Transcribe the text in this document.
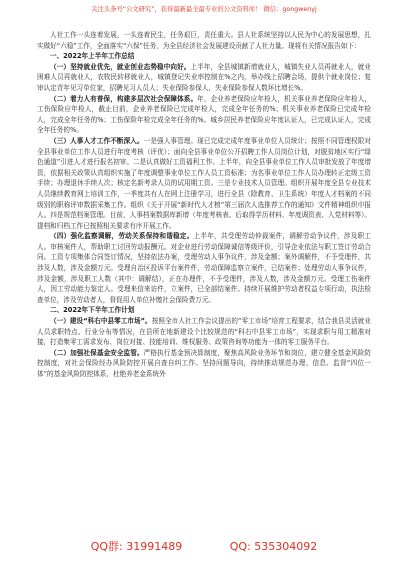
关注头条号“公文研究”，获得最新最全最专业的公文资料库！ 微信：gongwenyj

人社工作一头连着发展，一头连着民生，任务艰巨，责任重大。县人社系统坚持以人民为中心的发展思想，扎实做好“六稳”工作，全面落实“六保”任务，为全县经济社会发展建设贡献了人社力量。现将有关情况报告如下：

一、2022年上半年工作总结

（一）坚持就业优先，就业创业态势稳中向好。上半年，全县城镇新增就业人，城镇失业人员再就业人，就业困难人员再就业人，农牧民转移就业人，城镇登记失业率控制在%之内，举办线上招聘会场，提供个就业岗位；复审认定青年见习单位家，招聘见习人员人；失业保险参保人，失业保险参保人数环比增长%。

（二）着力人有普保，构建多层次社会保障体系。年，企业养老保险应年检人，机关事业养老保险应年检人，工伤保险应年检人，截止目前，企业养老保险已完成年检人，完成全年任务的%；机关事业养老保险已完成年检人，完成全年任务的%；工伤保险年检完成全年任务的%。城乡居民养老保险应年度认证人，已完成认证人，完成全年任务的%。

（三）人事人才工作不断深入。一是强人事管理。现已完成完成年度事业单位人员统计；按照不同管理权限对全县事业单位工作人员进行年度考核（评优）；面向全县事业单位公开招聘工作人员岗位计划，对脱贫地区实行“绿色通道”引进人才进行报名初审。二是认真做好工资福利工作。上半年，向全县事业单位工作人员审批发放了年度增资，依据相关政策认真组织实施了年度调整事业单位工作人员工资标准；为名事业单位工作人员办理转正定级工资手续；办理退休手续人次；核定名新考录人员的试用期工资。三是专业技术人员管理。组织开展年度全县专业技术人员继续教育网上培训工作，一季度共有人在网上注册学习，进行全县（除教育、卫生系统）年度人才档案的不同级别的职称评审数据采集工作。组织《关于开展“新时代人才榜”第三届次人选推荐工作的通知》文件精神组织申报人。四是规范档案管理。目前，人事档案数据库新增（年度考核表、后取得学历材料、年度调资表、入党材料等）。提档和归档工作已按照相关要求有序开展工作。

（四）强化监察调解，劳动关系保持和谐稳定。上半年，共受理劳动仲裁案件，调解劳动争议件，涉及职工人。审核案件人，帮助职工讨回劳动报酬元。对企业进行劳动保障诚信等级评价，引导企业依法与职工签订劳动合同。工资专项集体合同签订情况，坚持依法办案，受理劳动人事争议件，涉及金额；案外调解件，不予受理件，共涉及人数，涉及金额万元。受理自治区投诉平台案件件，劳动保障监察立案件，已结案件；处理劳动人事争议件，涉及金额，涉及职工人数（其中：调解结），正在办理件，不予受理件，涉及人数，涉及金额万元。受理工伤案件人，因工劳动能力鉴定人。受理来信来访件，立案件，已全部结案件。持续开展维护劳动者权益专项行动，执法检查单位，涉及劳动者人，督促用人单位补缴社会保险费万元。

二、2022年下半年工作计划

（一）建设“科右中县零工市场”。按照全市人社工作会议提出的“零工市场”培育工程要求，结合我县灵活就业人员求职特点、行业分布等情况，在县所在地新建设个比较规范的“科右中县零工市场”，实现求职与用工精准对接，打造集零工需求发布、岗位对接、技能培训、维权服务、政策咨询等功能为一体的零工服务平台。

（二）加强社保基金安全监管。严格执行基金预决算制度，聚焦高风险业务环节和岗位，建立健全基金风险防控制度，对社会保险经办风险防控开展自查自纠工作。坚持问题导向，持续推动规范办理、信息、监督“四位一体”的基金风险防控体系，杜绝养老金系统外

QQ群: 31991489	QQ: 535304092
